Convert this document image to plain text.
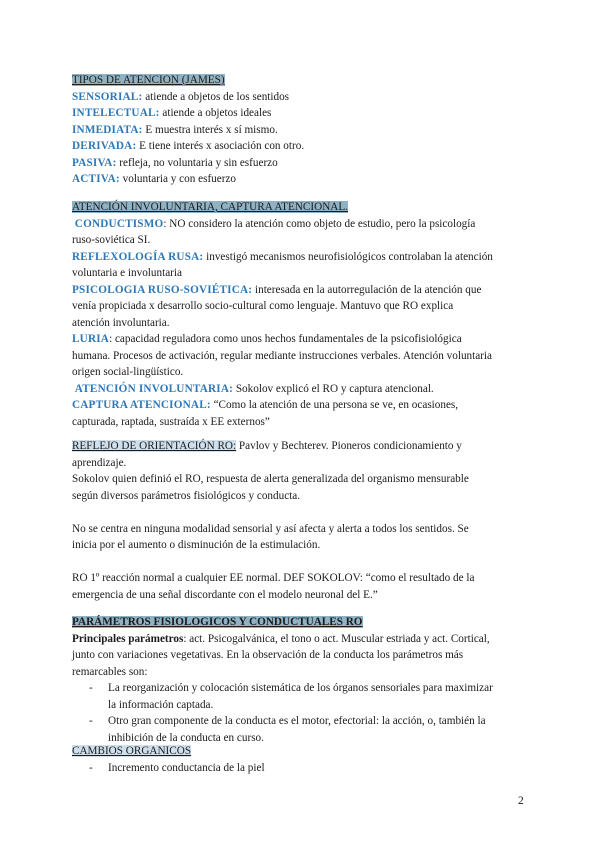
TIPOS DE ATENCION (JAMES)
SENSORIAL: atiende a objetos de los sentidos
INTELECTUAL: atiende a objetos ideales
INMEDIATA: E muestra interés x sí mismo.
DERIVADA: E tiene interés x asociación con otro.
PASIVA: refleja, no voluntaria y sin esfuerzo
ACTIVA: voluntaria y con esfuerzo
ATENCIÓN INVOLUNTARIA, CAPTURA ATENCIONAL.
CONDUCTISMO: NO considero la atención como objeto de estudio, pero la psicología
ruso-soviética SI.
REFLEXOLOGÍA RUSA: investigó mecanismos neurofisiológicos controlaban la atención
voluntaria e involuntaria
PSICOLOGIA RUSO-SOVIÉTICA: interesada en la autorregulación de la atención que
venía propiciada x desarrollo socio-cultural como lenguaje. Mantuvo que RO explica
atención involuntaria.
LURIA: capacidad reguladora como unos hechos fundamentales de la psicofisiológica
humana. Procesos de activación, regular mediante instrucciones verbales. Atención voluntaria
origen social-lingüístico.
ATENCIÓN INVOLUNTARIA: Sokolov explicó el RO y captura atencional.
CAPTURA ATENCIONAL: “Como la atención de una persona se ve, en ocasiones,
capturada, raptada, sustraída x EE externos”
REFLEJO DE ORIENTACIÓN RO: Pavlov y Bechterev. Pioneros condicionamiento y
aprendizaje.
Sokolov quien definió el RO, respuesta de alerta generalizada del organismo mensurable
según diversos parámetros fisiológicos y conducta.

No se centra en ninguna modalidad sensorial y así afecta y alerta a todos los sentidos. Se
inicia por el aumento o disminución de la estimulación.

RO 1º reacción normal a cualquier EE normal. DEF SOKOLOV: “como el resultado de la
emergencia de una señal discordante con el modelo neuronal del E.”
PARÁMETROS FISIOLOGICOS Y CONDUCTUALES RO
Principales parámetros: act. Psicogalvánica, el tono o act. Muscular estriada y act. Cortical,
junto con variaciones vegetativas. En la observación de la conducta los parámetros más
remarcables son:
- La reorganización y colocación sistemática de los órganos sensoriales para maximizar
la información captada.
- Otro gran componente de la conducta es el motor, efectorial: la acción, o, también la
inhibición de la conducta en curso.
CAMBIOS ORGANICOS
- Incremento conductancia de la piel
2
